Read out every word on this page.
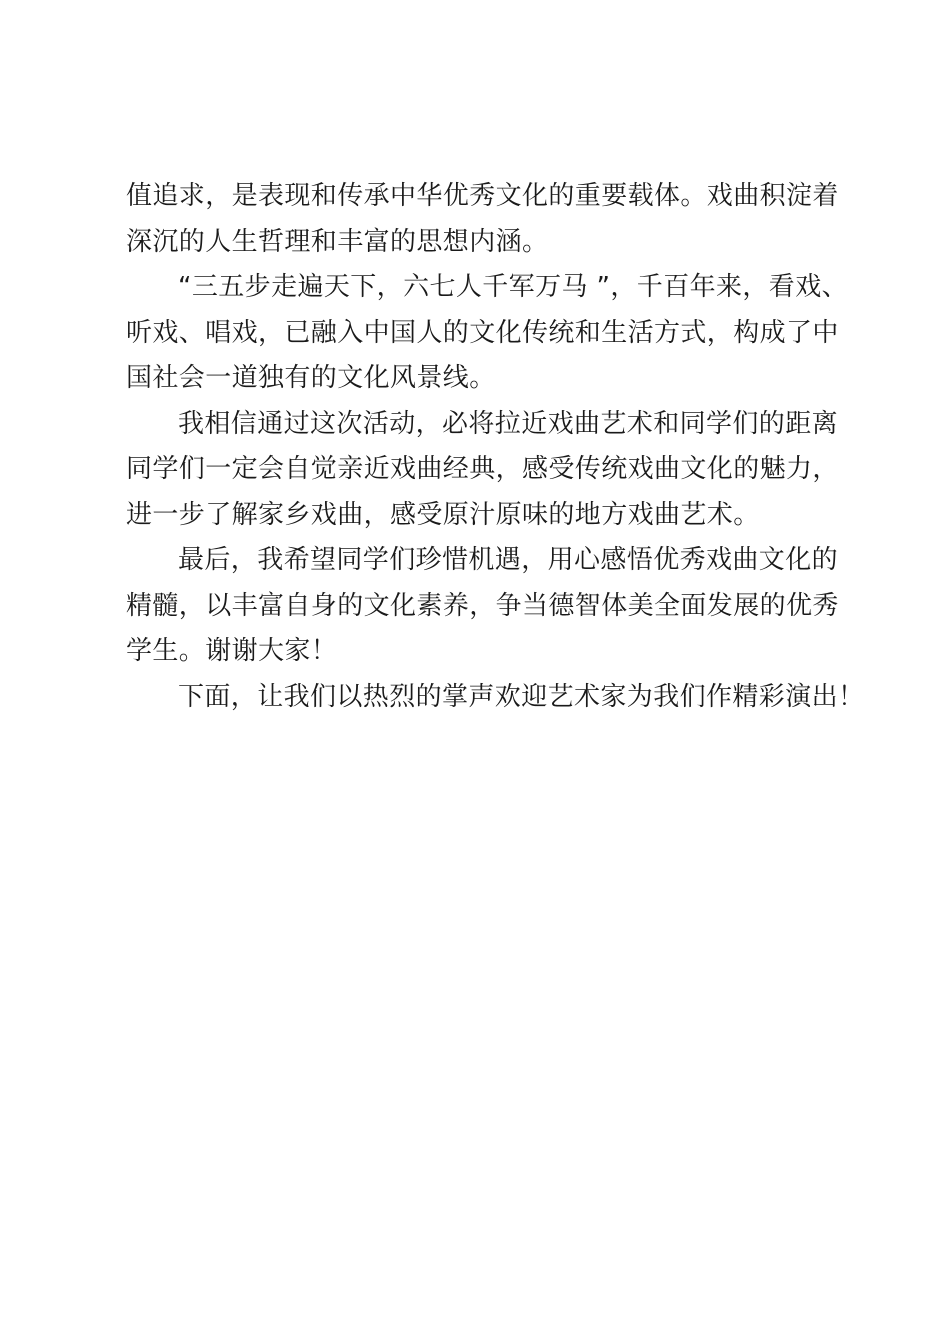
值追求，是表现和传承中华优秀文化的重要载体。戏曲积淀着
深沉的人生哲理和丰富的思想内涵。
“三五步走遍天下，六七人千军万马 ”，千百年来，看戏、
听戏、唱戏，已融入中国人的文化传统和生活方式，构成了中
国社会一道独有的文化风景线。
我相信通过这次活动，必将拉近戏曲艺术和同学们的距离
同学们一定会自觉亲近戏曲经典，感受传统戏曲文化的魅力，
进一步了解家乡戏曲，感受原汁原味的地方戏曲艺术。
最后，我希望同学们珍惜机遇，用心感悟优秀戏曲文化的
精髓，以丰富自身的文化素养，争当德智体美全面发展的优秀
学生。谢谢大家！
下面，让我们以热烈的掌声欢迎艺术家为我们作精彩演出！
